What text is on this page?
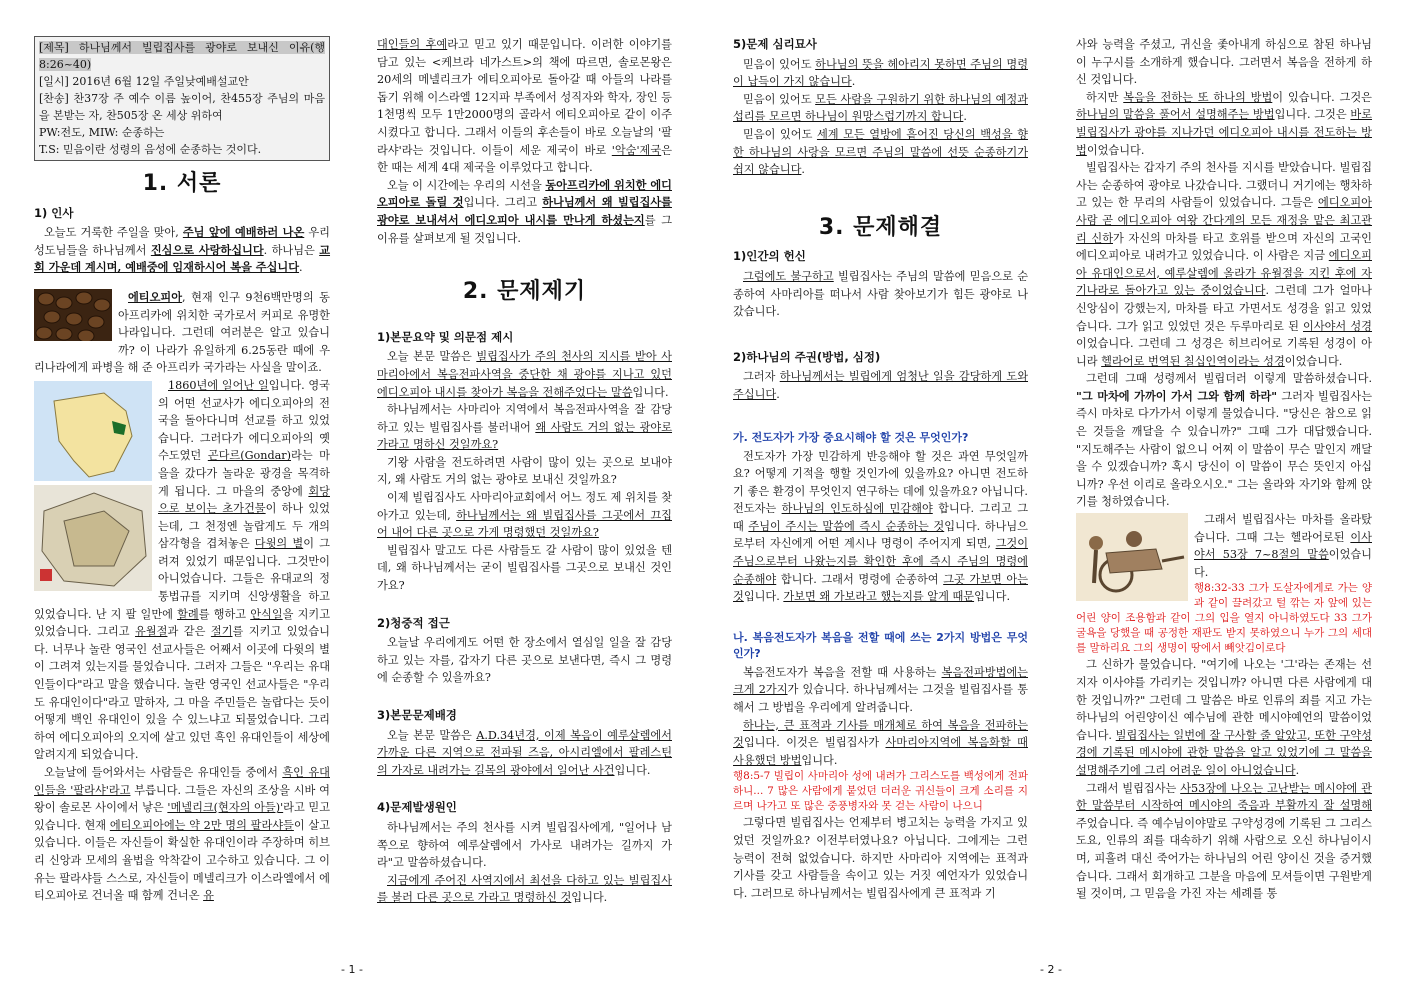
[제목] 하나님께서 빌립집사를 광야로 보내신 이유(행8:26~40)
[일시] 2016년 6월 12일 주일낮예배설교안
[찬송] 찬37장 주 예수 이름 높이어, 찬455장 주님의 마음을 본받는 자, 찬505장 온 세상 위하여
PW:전도, MIW: 순종하는
T.S: 믿음이란 성령의 음성에 순종하는 것이다.
1. 서론
1) 인사

오늘도 거룩한 주일을 맞아, 주님 앞에 예배하러 나온 우리 성도님들을 하나님께서 진심으로 사랑하십니다. 하나님은 교회 가운데 계시며, 예배중에 임재하시어 복을 주십니다.

에티오피아, 현재 인구 9천6백만명의 동아프리카에 위치한 국가로서 커피로 유명한 나라입니다. 그런데 여러분은 알고 있습니까? 이 나라가 유일하게 6.25동란 때에 우리나라에게 파병을 해 준 아프리카 국가라는 사실을 말이죠.

1860년에 일어난 일입니다. 영국의 어떤 선교사가 에디오피아의 전국을 돌아다니며 선교를 하고 있었습니다. 그러다가 에디오피아의 옛 수도였던 곤다르(Gondar)라는 마을을 갔다가 놀라운 광경을 목격하게 됩니다. 그 마을의 중앙에 회당으로 보이는 초가건물이 하나 있었는데, 그 천정엔 놀랍게도 두 개의 삼각형을 겹쳐놓은 다윗의 별이 그려져 있었기 때문입니다. 그것만이 아니었습니다. 그들은 유대교의 정통법규를 지키며 신앙생활을 하고 있었습니다. 난 지 팔 일만에 할례를 행하고 안식일을 지키고 있었습니다. 그리고 유월절과 같은 절기를 지키고 있었습니다. 너무나 놀란 영국인 선교사들은 어째서 이곳에 다윗의 별이 그려져 있는지를 물었습니다. 그러자 그들은 "우리는 유대인들이다"라고 말을 했습니다. 놀란 영국인 선교사들은 "우리도 유대인이다"라고 말하자, 그 마을 주민들은 놀랍다는 듯이 어떻게 백인 유대인이 있을 수 있느냐고 되물었습니다. 그리하여 에디오피아의 오지에 살고 있던 흑인 유대인들이 세상에 알려지게 되었습니다.

오늘날에 들어와서는 사람들은 유대인들 중에서 흑인 유대인들을 '팔라샤'라고 부릅니다. 그들은 자신의 조상을 시바 여왕이 솔로몬 사이에서 낳은 '메넬리크(현자의 아들)'라고 믿고 있습니다. 현재 에티오피아에는 약 2만 명의 팔라샤들이 살고 있습니다. 이들은 자신들이 확실한 유대인이라 주장하며 히브리 신앙과 모세의 율법을 악착같이 고수하고 있습니다. 그 이유는 팔라샤들 스스로, 자신들이 메넬리크가 이스라엘에서 에티오피아로 건너올 때 함께 건너온 유

대인들의 후예라고 믿고 있기 때문입니다. 이러한 이야기를 담고 있는 <케브라 네가스트>의 책에 따르면, 솔로몬왕은 20세의 메넬리크가 에티오피아로 돌아갈 때 아들의 나라를 돕기 위해 이스라엘 12지파 부족에서 성직자와 학자, 장인 등 1천명씩 모두 1만2000명의 골라서 에티오피아로 같이 이주시켰다고 합니다. 그래서 이들의 후손들이 바로 오늘날의 '팔라샤'라는 것입니다. 이들이 세운 제국이 바로 '악숨'제국은 한 때는 세계 4대 제국을 이루었다고 합니다.

오늘 이 시간에는 우리의 시선을 동아프리카에 위치한 에디오피아로 돌릴 것입니다. 그리고 하나님께서 왜 빌립집사를 광야로 보내셔서 에디오피아 내시를 만나게 하셨는지를 그 이유를 살펴보게 될 것입니다.

2. 문제제기
1)본문요약 및 의문점 제시

오늘 본문 말씀은 빌립집사가 주의 천사의 지시를 받아 사마리아에서 복음전파사역을 중단한 채 광야를 지나고 있던 에디오피아 내시를 찾아가 복음을 전해주었다는 말씀입니다.

하나님께서는 사마리아 지역에서 복음전파사역을 잘 감당하고 있는 빌립집사를 불러내어 왜 사람도 거의 없는 광야로 가라고 명하신 것일까요?

기왕 사람을 전도하려면 사람이 많이 있는 곳으로 보내야지, 왜 사람도 거의 없는 광야로 보내신 것일까요?

이제 빌립집사도 사마리아교회에서 어느 정도 제 위치를 찾아가고 있는데, 하나님께서는 왜 빌립집사를 그곳에서 끄집어 내어 다른 곳으로 가게 명령했던 것일까요?

빌립집사 말고도 다른 사람들도 갈 사람이 많이 있었을 텐데, 왜 하나님께서는 굳이 빌립집사를 그곳으로 보내신 것인가요?

2)청중적 접근

오늘날 우리에게도 어떤 한 장소에서 열심일 일을 잘 감당하고 있는 자를, 갑자기 다른 곳으로 보낸다면, 즉시 그 명령에 순종할 수 있을까요?

3)본문문제배경

오늘 본문 말씀은 A.D.34년경, 이제 복음이 예루살렘에서 가까운 다른 지역으로 전파될 즈음, 아시리엘에서 팔레스틴의 가자로 내려가는 길목의 광야에서 일어난 사건입니다.

4)문제발생원인

하나님께서는 주의 천사를 시켜 빌립집사에게, "일어나 남쪽으로 향하여 예루살렘에서 가사로 내려가는 길까지 가라"고 말씀하셨습니다.

지금에게 주어진 사역지에서 최선을 다하고 있는 빌립집사를 불러 다른 곳으로 가라고 명령하신 것입니다.

- 1 -
5)문제 심리묘사

믿음이 있어도 하나님의 뜻을 헤아리지 못하면 주님의 명령이 납득이 가지 않습니다.

믿음이 있어도 모든 사람을 구원하기 위한 하나님의 예정과 섭리를 모르면 하나님이 원망스럽기까지 합니다.

믿음이 있어도 세계 모든 열방에 흩어진 당신의 백성을 향한 하나님의 사랑을 모르면 주님의 말씀에 선뜻 순종하기가 쉽지 않습니다.

3. 문제해결
1)인간의 헌신

그럼에도 불구하고 빌립집사는 주님의 말씀에 믿음으로 순종하여 사마리아를 떠나서 사람 찾아보기가 힘든 광야로 나갔습니다.

2)하나님의 주권(방법, 심정)

그러자 하나님께서는 빌립에게 엄청난 일을 감당하게 도와주십니다.

가. 전도자가 가장 중요시해야 할 것은 무엇인가?

전도자가 가장 민감하게 반응해야 할 것은 과연 무엇일까요? 어떻게 기적을 행할 것인가에 있을까요? 아니면 전도하기 좋은 환경이 무엇인지 연구하는 데에 있을까요? 아닙니다. 전도자는 하나님의 인도하심에 민감해야 합니다. 그리고 그때 주님이 주시는 말씀에 즉시 순종하는 것입니다. 하나님으로부터 자신에게 어떤 계시나 명령이 주어지게 되면, 그것이 주님으로부터 나왔는지를 확인한 후에 즉시 주님의 명령에 순종해야 합니다. 그래서 명령에 순종하여 그곳 가보면 아는 것입니다. 가보면 왜 가보라고 했는지를 알게 때문입니다.

나. 복음전도자가 복음을 전할 때에 쓰는 2가지 방법은 무엇인가?

복음전도자가 복음을 전할 때 사용하는 복음전파방법에는 크게 2가지가 있습니다. 하나님께서는 그것을 빌립집사를 통해서 그 방법을 우리에게 알려줍니다.

하나는, 큰 표적과 기사를 매개체로 하여 복음을 전파하는 것입니다. 이것은 빌립집사가 사마리아지역에 복음화할 때 사용했던 방법입니다.

행8:5-7 빌립이 사마리아 성에 내려가 그리스도를 백성에게 전파하니... 7 많은 사람에게 붙었던 더러운 귀신들이 크게 소리를 지르며 나가고 또 많은 중풍병자와 못 걷는 사람이 나으니

그렇다면 빌립집사는 언제부터 병고치는 능력을 가지고 있었던 것일까요? 이전부터였나요? 아닙니다. 그에게는 그런 능력이 전혀 없었습니다. 하지만 사마리아 지역에는 표적과 기사를 갖고 사람들을 속이고 있는 거짓 예언자가 있었습니다. 그러므로 하나님께서는 빌립집사에게 큰 표적과 기

- 2 -

사와 능력을 주셨고, 귀신을 좇아내게 하심으로 참된 하나님이 누구시를 소개하게 했습니다. 그러면서 복음을 전하게 하신 것입니다.

하지만 복음을 전하는 또 하나의 방법이 있습니다. 그것은 하나님의 말씀을 풀어서 설명해주는 방법입니다. 그것은 바로 빌립집사가 광야를 지나가던 에디오피아 내시를 전도하는 방법이었습니다.

빌립집사는 갑자기 주의 천사를 지시를 받았습니다. 빌립집사는 순종하여 광야로 나갔습니다. 그랬더니 거기에는 행차하고 있는 한 무리의 사람들이 있었습니다. 그들은 에디오피아 사람 곧 에디오피아 여왕 간다게의 모든 재정을 맡은 최고관리 신하가 자신의 마차를 타고 호위를 받으며 자신의 고국인 에디오피아로 내려가고 있었습니다. 이 사람은 지금 에디오피아 유대인으로서, 예루살렘에 올라가 유월절을 지킨 후에 자기나라로 돌아가고 있는 중이었습니다. 그런데 그가 얼마나 신앙심이 강했는지, 마차를 타고 가면서도 성경을 읽고 있었습니다. 그가 읽고 있었던 것은 두루마리로 된 이사야서 성경이었습니다. 그런데 그 성경은 히브리어로 기록된 성경이 아니라 헬라어로 번역된 칠십인역이라는 성경이었습니다.

그런데 그때 성령께서 빌립더러 이렇게 말씀하셨습니다. "그 마차에 가까이 가서 그와 함께 하라" 그러자 빌립집사는 즉시 마차로 다가가서 이렇게 물었습니다. "당신은 참으로 읽은 것들을 깨달을 수 있습니까?" 그때 그가 대답했습니다. "지도해주는 사람이 없으니 어찌 이 말씀이 무슨 말인지 깨달을 수 있겠습니까? 혹시 당신이 이 말씀이 무슨 뜻인지 아십니까? 우선 이리로 올라오시오." 그는 올라와 자기와 함께 앉기를 청하였습니다.

그래서 빌립집사는 마차를 올라탔습니다. 그때 그는 헬라어로된 이사야서 53장 7~8절의 말씀이었습니다.

행8:32-33 그가 도살자에게로 가는 양과 같이 끌려갔고 털 깎는 자 앞에 있는 어린 양이 조용함과 같이 그의 입을 열지 아니하였도다 33 그가 굴욕을 당했을 때 공정한 재판도 받지 못하였으니 누가 그의 세대를 말하리요 그의 생명이 땅에서 빼앗김이로다

그 신하가 물었습니다. "여기에 나오는 '그'라는 존재는 선지자 이사야를 가리키는 것입니까? 아니면 다른 사람에게 대한 것입니까?" 그런데 그 말씀은 바로 인류의 죄를 지고 가는 하나님의 어린양이신 예수님에 관한 메시야예언의 말씀이었습니다. 빌립집사는 일번에 잘 구사할 줄 알았고, 또한 구약성경에 기록된 메시야에 관한 말씀을 알고 있었기에 그 말씀을 설명해주기에 그리 어려운 일이 아니었습니다.

그래서 빌립집사는 사53장에 나오는 고난받는 메시야에 관한 말씀부터 시작하여 메시야의 죽음과 부활까지 잘 설명해 주었습니다. 즉 예수님이야말로 구약성경에 기록된 그 그리스도요, 인류의 죄를 대속하기 위해 사람으로 오신 하나님이시며, 피흘려 대신 죽어가는 하나님의 어린 양이신 것을 증거했습니다. 그래서 회개하고 그분을 마음에 모셔들이면 구원받게 될 것이며, 그 믿음을 가진 자는 세례를 통
